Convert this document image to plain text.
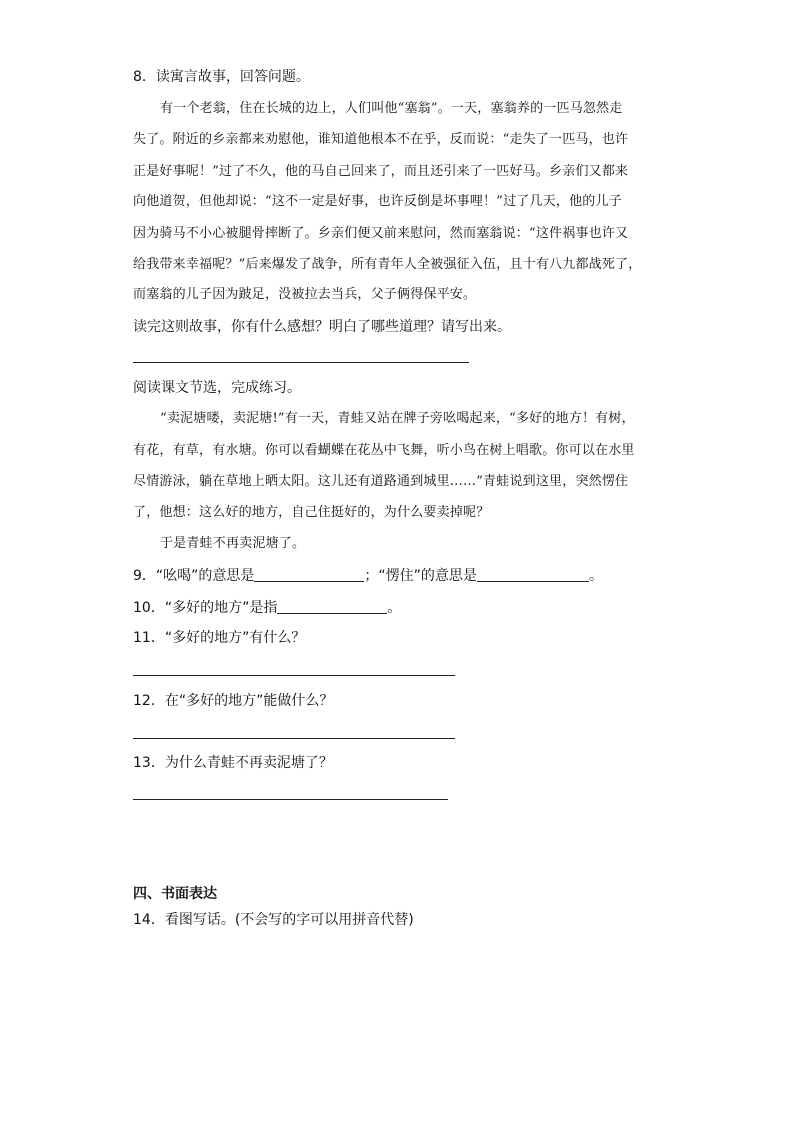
8．读寓言故事，回答问题。
有一个老翁，住在长城的边上，人们叫他“塞翁”。一天，塞翁养的一匹马忽然走
失了。附近的乡亲都来劝慰他，谁知道他根本不在乎，反而说：“走失了一匹马，也许
正是好事呢！”过了不久，他的马自己回来了，而且还引来了一匹好马。乡亲们又都来
向他道贺，但他却说：“这不一定是好事，也许反倒是坏事哩！”过了几天，他的儿子
因为骑马不小心被腿骨摔断了。乡亲们便又前来慰问，然而塞翁说：“这件祸事也许又
给我带来幸福呢？”后来爆发了战争，所有青年人全被强征入伍，且十有八九都战死了，
而塞翁的儿子因为跛足，没被拉去当兵，父子俩得保平安。
读完这则故事，你有什么感想？明白了哪些道理？请写出来。
阅读课文节选，完成练习。
“卖泥塘喽，卖泥塘!”有一天，青蛙又站在牌子旁吆喝起来，“多好的地方！有树，
有花，有草，有水塘。你可以看蝴蝶在花丛中飞舞，听小鸟在树上唱歌。你可以在水里
尽情游泳，躺在草地上晒太阳。这儿还有道路通到城里……”青蛙说到这里，突然愣住
了，他想：这么好的地方，自己住挺好的，为什么要卖掉呢？
于是青蛙不再卖泥塘了。
9．“吆喝”的意思是	；“愣住”的意思是	。
10．“多好的地方”是指	。
11．“多好的地方”有什么？
12．在“多好的地方”能做什么？
13．为什么青蛙不再卖泥塘了？
四、书面表达
14．看图写话。(不会写的字可以用拼音代替)
